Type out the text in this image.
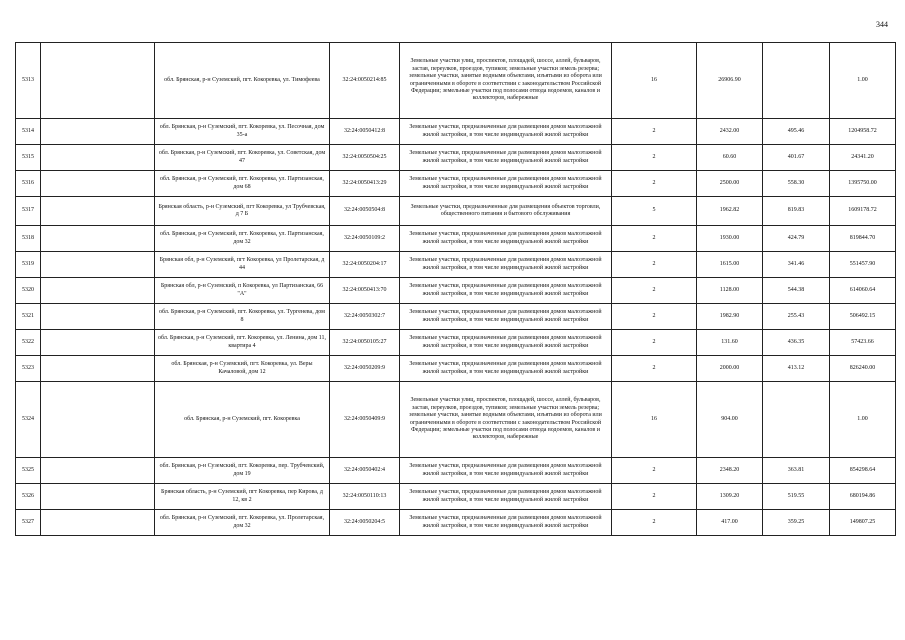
344
5313		обл. Брянская, р-н Суземский, пгт. Кокоревка, ул. Тимофеева	32:24:0050214:85	Земельные участки улиц, проспектов, площадей, шоссе, аллей, бульваров, застав, переулков, проездов, тупиков; земельные участки земель резерва; земельные участки, занятые водными объектами, изъятыми из оборота или ограниченными в обороте в соответствии с законодательством Российской Федерации; земельные участки под полосами отвода водоемов, каналов и коллекторов, набережные	16	26906.90		1.00
5314		обл. Брянская, р-н Суземский, пгт. Кокоревка, ул. Песочная, дом 35-а	32:24:0050412:8	Земельные участки, предназначенные для размещения домов малоэтажной жилой застройки, в том числе индивидуальной жилой застройки	2	2432.00	495.46	1204958.72
5315		обл. Брянская, р-н Суземский, пгт. Кокоревка, ул. Советская, дом 47	32:24:0050504:25	Земельные участки, предназначенные для размещения домов малоэтажной жилой застройки, в том числе индивидуальной жилой застройки	2	60.60	401.67	24341.20
5316		обл. Брянская, р-н Суземский, пгт. Кокоревка, ул. Партизанская, дом 68	32:24:0050413:29	Земельные участки, предназначенные для размещения домов малоэтажной жилой застройки, в том числе индивидуальной жилой застройки	2	2500.00	558.30	1395750.00
5317		Брянская область, р-н Суземский, пгт Кокоревка, ул Трубчевская, д 7 Б	32:24:0050504:8	Земельные участки, предназначенные для размещения объектов торговли, общественного питания и бытового обслуживания	5	1962.82	819.83	1609178.72
5318		обл. Брянская, р-н Суземский, пгт. Кокоревка, ул. Партизанская, дом 32	32:24:0050109:2	Земельные участки, предназначенные для размещения домов малоэтажной жилой застройки, в том числе индивидуальной жилой застройки	2	1930.00	424.79	819844.70
5319		Брянская обл, р-н Суземский, пгт Кокоревка, ул Пролетарская, д 44	32:24:0050204:17	Земельные участки, предназначенные для размещения домов малоэтажной жилой застройки, в том числе индивидуальной жилой застройки	2	1615.00	341.46	551457.90
5320		Брянская обл, р-н Суземский, п Кокоревка, ул Партизанская, 66 "А"	32:24:0050413:70	Земельные участки, предназначенные для размещения домов малоэтажной жилой застройки, в том числе индивидуальной жилой застройки	2	1128.00	544.38	614060.64
5321		обл. Брянская, р-н Суземский, пгт. Кокоревка, ул. Тургенева, дом 8	32:24:0050302:7	Земельные участки, предназначенные для размещения домов малоэтажной жилой застройки, в том числе индивидуальной жилой застройки	2	1982.90	255.43	506492.15
5322		обл. Брянская, р-н Суземский, пгт. Кокоревка, ул. Ленина, дом 11, квартира 4	32:24:0050105:27	Земельные участки, предназначенные для размещения домов малоэтажной жилой застройки, в том числе индивидуальной жилой застройки	2	131.60	436.35	57423.66
5323		обл. Брянская, р-н Суземский, пгт. Кокоревка, ул. Веры Качаловой, дом 12	32:24:0050209:9	Земельные участки, предназначенные для размещения домов малоэтажной жилой застройки, в том числе индивидуальной жилой застройки	2	2000.00	413.12	826240.00
5324		обл. Брянская, р-н Суземский, пгт. Кокоревка	32:24:0050409:9	Земельные участки улиц, проспектов, площадей, шоссе, аллей, бульваров, застав, переулков, проездов, тупиков; земельные участки земель резерва; земельные участки, занятые водными объектами, изъятыми из оборота или ограниченными в обороте в соответствии с законодательством Российской Федерации; земельные участки под полосами отвода водоемов, каналов и коллекторов, набережные	16	904.00		1.00
5325		обл. Брянская, р-н Суземский, пгт. Кокоревка, пер. Трубчевский, дом 19	32:24:0050402:4	Земельные участки, предназначенные для размещения домов малоэтажной жилой застройки, в том числе индивидуальной жилой застройки	2	2348.20	363.81	854298.64
5326		Брянская область, р-н Суземский, пгт Кокоревка, пер Кирова, д 12, кв 2	32:24:0050110:13	Земельные участки, предназначенные для размещения домов малоэтажной жилой застройки, в том числе индивидуальной жилой застройки	2	1309.20	519.55	680194.86
5327		обл. Брянская, р-н Суземский, пгт. Кокоревка, ул. Пролетарская, дом 32	32:24:0050204:5	Земельные участки, предназначенные для размещения домов малоэтажной жилой застройки, в том числе индивидуальной жилой застройки	2	417.00	359.25	149807.25
